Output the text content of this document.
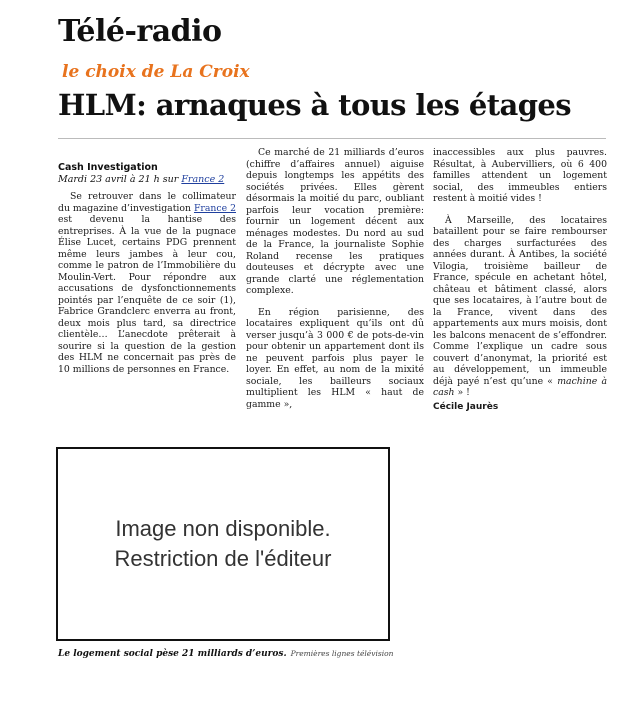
Télé-radio

le choix de La Croix

HLM: arnaques à tous les étages

Cash Investigation

Mardi 23 avril à 21 h sur France 2

Se retrouver dans le collimateur du magazine d’investigation France 2 est devenu la hantise des entreprises. À la vue de la pugnace Élise Lucet, certains PDG prennent même leurs jambes à leur cou, comme le patron de l’Immobilière du Moulin-Vert. Pour répondre aux accusations de dysfonctionnements pointés par l’enquête de ce soir (1), Fabrice Grandclerc enverra au front, deux mois plus tard, sa directrice clientèle… L’anecdote prêterait à sourire si la question de la gestion des HLM ne concernait pas près de 10 millions de personnes en France.

Ce marché de 21 milliards d’euros (chiffre d’affaires annuel) aiguise depuis longtemps les appétits des sociétés privées. Elles gèrent désormais la moitié du parc, oubliant parfois leur vocation première: fournir un logement décent aux ménages modestes. Du nord au sud de la France, la journaliste Sophie Roland recense les pratiques douteuses et décrypte avec une grande clarté une réglementation complexe.

En région parisienne, des locataires expliquent qu’ils ont dû verser jusqu’à 3 000 € de pots-de-vin pour obtenir un appartement dont ils ne peuvent parfois plus payer le loyer. En effet, au nom de la mixité sociale, les bailleurs sociaux multiplient les HLM « haut de gamme »,

inaccessibles aux plus pauvres. Résultat, à Aubervilliers, où 6 400 familles attendent un logement social, des immeubles entiers restent à moitié vides !

À Marseille, des locataires bataillent pour se faire rembourser des charges surfacturées des années durant. À Antibes, la société Vilogia, troisième bailleur de France, spécule en achetant hôtel, château et bâtiment classé, alors que ses locataires, à l’autre bout de la France, vivent dans des appartements aux murs moisis, dont les balcons menacent de s’effondrer. Comme l’explique un cadre sous couvert d’anonymat, la priorité est au développement, un immeuble déjà payé n’est qu’une « machine à cash » !

Cécile Jaurès
Image non disponible.
Restriction de l'éditeur

Le logement social pèse 21 milliards d’euros. Premières lignes télévision
